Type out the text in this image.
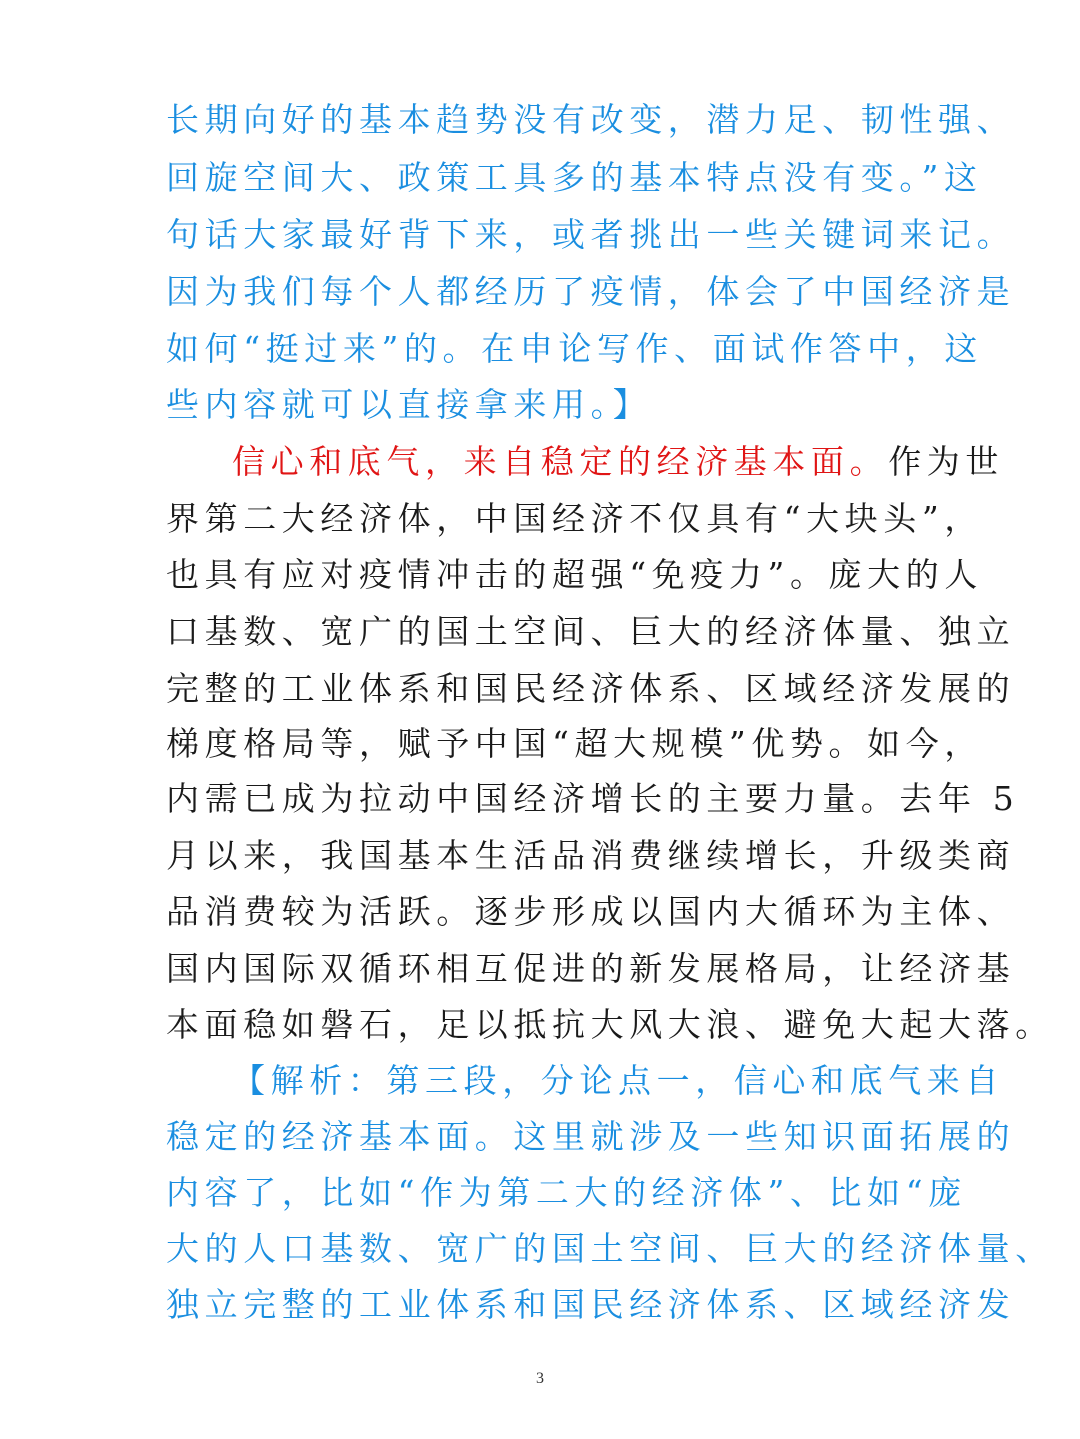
长期向好的基本趋势没有改变，潜力足、韧性强、
回旋空间大、政策工具多的基本特点没有变。”这
句话大家最好背下来，或者挑出一些关键词来记。
因为我们每个人都经历了疫情，体会了中国经济是
如何“挺过来”的。在申论写作、面试作答中，这
些内容就可以直接拿来用。】
信心和底气，来自稳定的经济基本面。作为世
界第二大经济体，中国经济不仅具有“大块头”，
也具有应对疫情冲击的超强“免疫力”。庞大的人
口基数、宽广的国土空间、巨大的经济体量、独立
完整的工业体系和国民经济体系、区域经济发展的
梯度格局等，赋予中国“超大规模”优势。如今，
内需已成为拉动中国经济增长的主要力量。去年 5
月以来，我国基本生活品消费继续增长，升级类商
品消费较为活跃。逐步形成以国内大循环为主体、
国内国际双循环相互促进的新发展格局，让经济基
本面稳如磐石，足以抵抗大风大浪、避免大起大落。
【解析：第三段，分论点一，信心和底气来自
稳定的经济基本面。这里就涉及一些知识面拓展的
内容了，比如“作为第二大的经济体”、比如“庞
大的人口基数、宽广的国土空间、巨大的经济体量、
独立完整的工业体系和国民经济体系、区域经济发
3
